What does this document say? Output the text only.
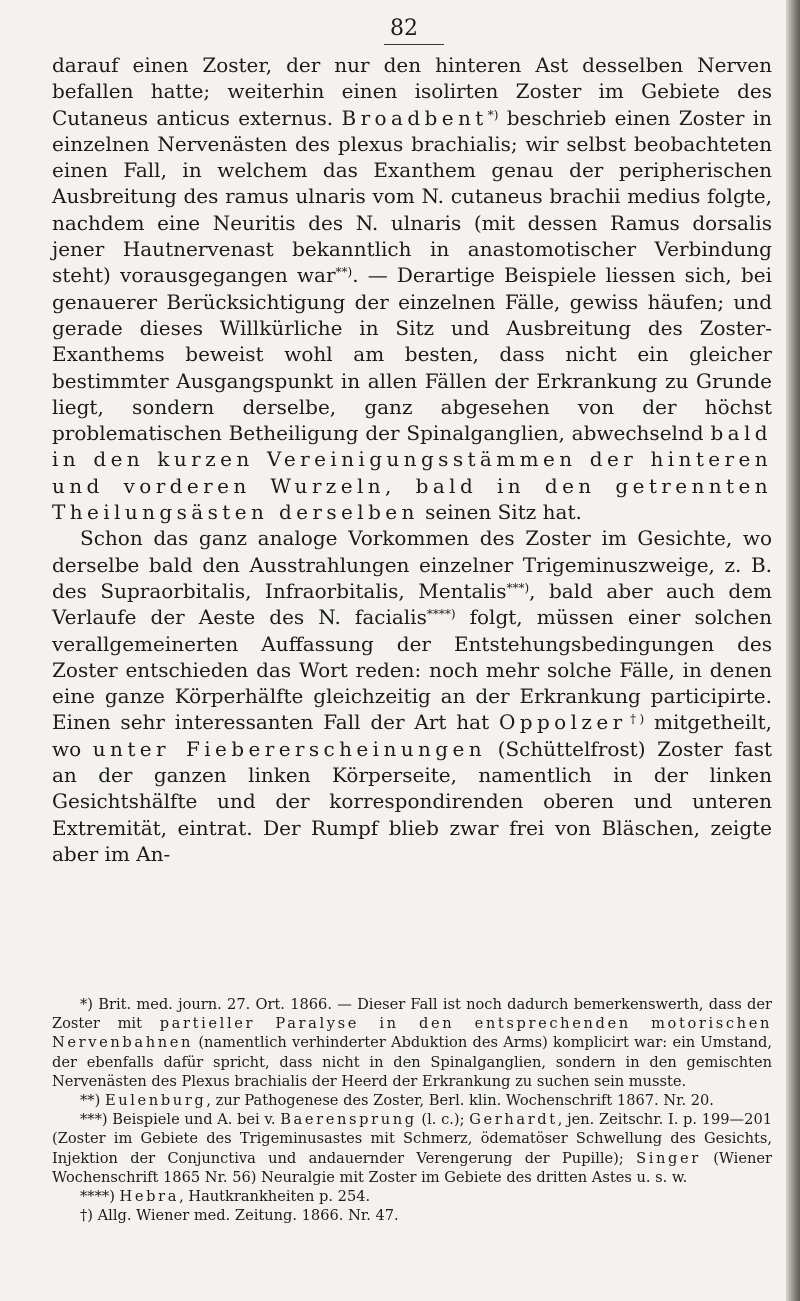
82

darauf einen Zoster, der nur den hinteren Ast desselben Nerven befallen hatte; weiterhin einen isolirten Zoster im Gebiete des Cutaneus anticus externus. Broadbent*) beschrieb einen Zoster in einzelnen Nervenästen des plexus brachialis; wir selbst beobachteten einen Fall, in welchem das Exanthem genau der peripherischen Ausbreitung des ramus ulnaris vom N. cutaneus brachii medius folgte, nachdem eine Neuritis des N. ulnaris (mit dessen Ramus dorsalis jener Hautnervenast bekanntlich in anastomotischer Verbindung steht) vorausgegangen war**). — Derartige Beispiele liessen sich, bei genauerer Berücksichtigung der einzelnen Fälle, gewiss häufen; und gerade dieses Willkürliche in Sitz und Ausbreitung des Zoster-Exanthems beweist wohl am besten, dass nicht ein gleicher bestimmter Ausgangspunkt in allen Fällen der Erkrankung zu Grunde liegt, sondern derselbe, ganz abgesehen von der höchst problematischen Betheiligung der Spinalganglien, abwechselnd bald in den kurzen Vereinigungsstämmen der hinteren und vorderen Wurzeln, bald in den getrennten Theilungsästen derselben seinen Sitz hat.

Schon das ganz analoge Vorkommen des Zoster im Gesichte, wo derselbe bald den Ausstrahlungen einzelner Trigeminuszweige, z. B. des Supraorbitalis, Infraorbitalis, Mentalis***), bald aber auch dem Verlaufe der Aeste des N. facialis****) folgt, müssen einer solchen verallgemeinerten Auffassung der Entstehungsbedingungen des Zoster entschieden das Wort reden: noch mehr solche Fälle, in denen eine ganze Körperhälfte gleichzeitig an der Erkrankung participirte. Einen sehr interessanten Fall der Art hat Oppolzer†) mitgetheilt, wo unter Fiebererscheinungen (Schüttelfrost) Zoster fast an der ganzen linken Körperseite, namentlich in der linken Gesichtshälfte und der korrespondirenden oberen und unteren Extremität, eintrat. Der Rumpf blieb zwar frei von Bläschen, zeigte aber im An-

*) Brit. med. journ. 27. Ort. 1866. — Dieser Fall ist noch dadurch bemerkenswerth, dass der Zoster mit partieller Paralyse in den entsprechenden motorischen Nervenbahnen (namentlich verhinderter Abduktion des Arms) komplicirt war: ein Umstand, der ebenfalls dafür spricht, dass nicht in den Spinalganglien, sondern in den gemischten Nervenästen des Plexus brachialis der Heerd der Erkrankung zu suchen sein musste.

**) Eulenburg, zur Pathogenese des Zoster, Berl. klin. Wochenschrift 1867. Nr. 20.

***) Beispiele und A. bei v. Baerensprung (l. c.); Gerhardt, jen. Zeitschr. I. p. 199—201 (Zoster im Gebiete des Trigeminusastes mit Schmerz, ödematöser Schwellung des Gesichts, Injektion der Conjunctiva und andauernder Verengerung der Pupille); Singer (Wiener Wochenschrift 1865 Nr. 56) Neuralgie mit Zoster im Gebiete des dritten Astes u. s. w.

****) Hebra, Hautkrankheiten p. 254.

†) Allg. Wiener med. Zeitung. 1866. Nr. 47.
